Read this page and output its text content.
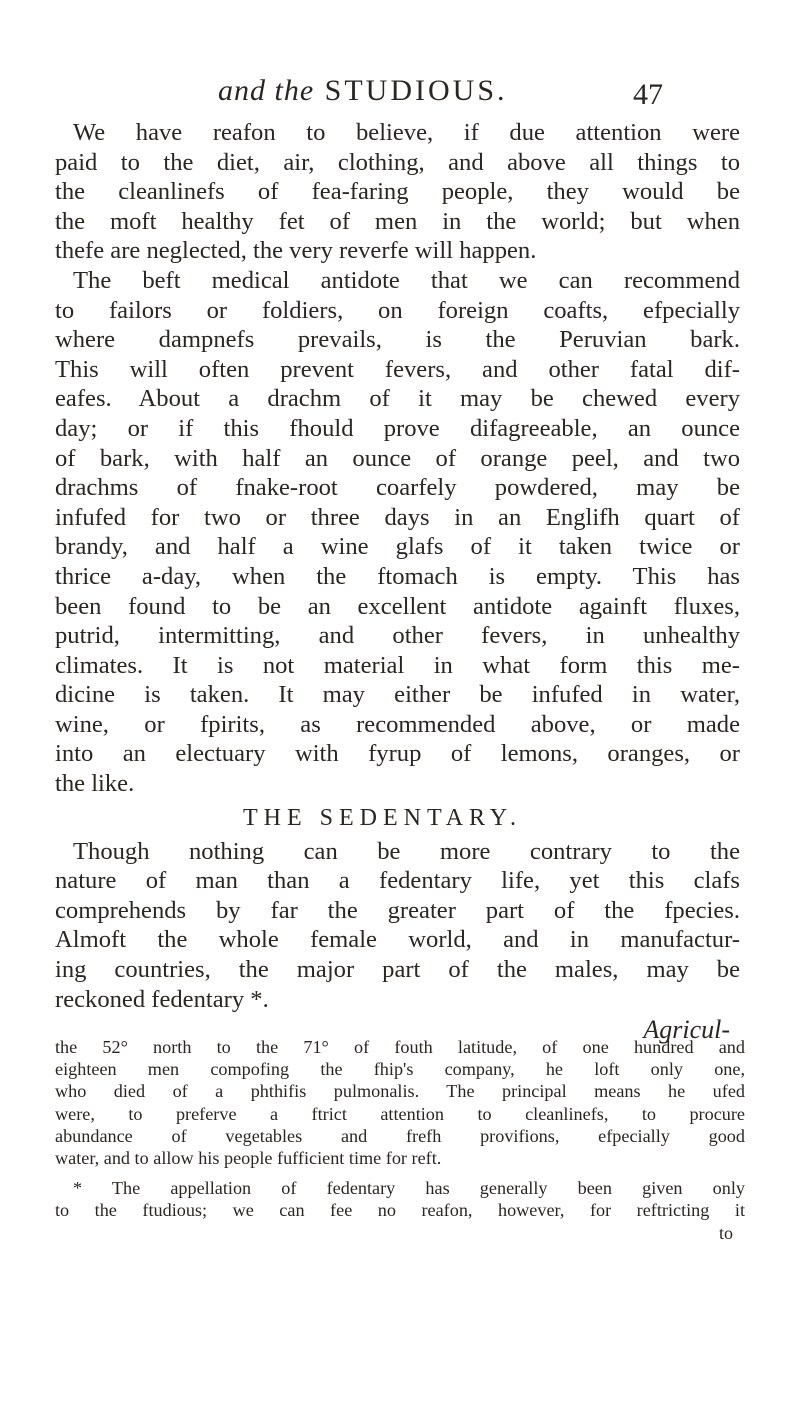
and the STUDIOUS.	47
We have reafon to believe, if due attention were
paid to the diet, air, clothing, and above all things to
the cleanlinefs of fea-faring people, they would be
the moft healthy fet of men in the world; but when
thefe are neglected, the very reverfe will happen.
The beft medical antidote that we can recommend
to failors or foldiers, on foreign coafts, efpecially
where dampnefs prevails, is the Peruvian bark.
This will often prevent fevers, and other fatal dif-
eafes. About a drachm of it may be chewed every
day; or if this fhould prove difagreeable, an ounce
of bark, with half an ounce of orange peel, and two
drachms of fnake-root coarfely powdered, may be
infufed for two or three days in an Englifh quart of
brandy, and half a wine glafs of it taken twice or
thrice a-day, when the ftomach is empty. This has
been found to be an excellent antidote againft fluxes,
putrid, intermitting, and other fevers, in unhealthy
climates. It is not material in what form this me-
dicine is taken. It may either be infufed in water,
wine, or fpirits, as recommended above, or made
into an electuary with fyrup of lemons, oranges, or
the like.
THE SEDENTARY.
Though nothing can be more contrary to the
nature of man than a fedentary life, yet this clafs
comprehends by far the greater part of the fpecies.
Almoft the whole female world, and in manufactur-
ing countries, the major part of the males, may be
reckoned fedentary *.
Agricul-
the 52° north to the 71° of fouth latitude, of one hundred and
eighteen men compofing the fhip's company, he loft only one,
who died of a phthifis pulmonalis. The principal means he ufed
were, to preferve a ftrict attention to cleanlinefs, to procure
abundance of vegetables and frefh provifions, efpecially good
water, and to allow his people fufficient time for reft.
* The appellation of fedentary has generally been given only
to the ftudious; we can fee no reafon, however, for reftricting it
to
